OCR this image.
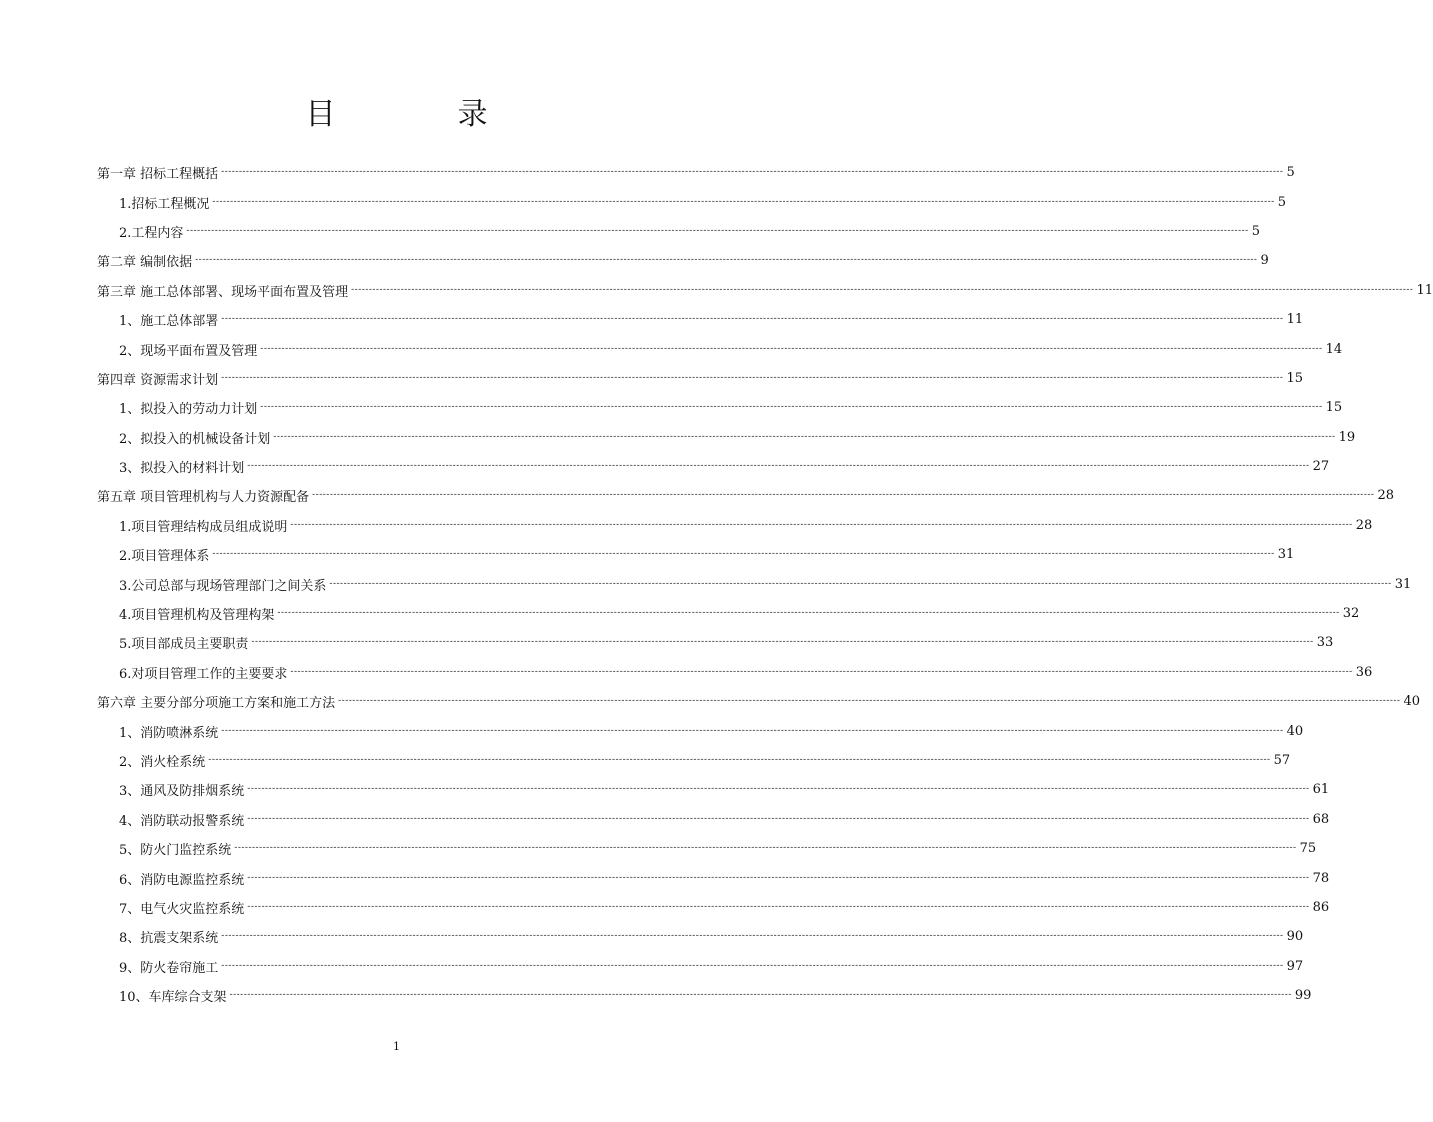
目　录
第一章 招标工程概括 ------------------------------------------------------------------------------------------------------------------------------------------------------------------------------------------------------------------------------------------------------------------------------------------------------------ 5
1.招标工程概况 ------------------------------------------------------------------------------------------------------------------------------------------------------------------------------------------------------------------------------------------------------------------------------------------------------------ 5
2.工程内容 ------------------------------------------------------------------------------------------------------------------------------------------------------------------------------------------------------------------------------------------------------------------------------------------------------------ 5
第二章 编制依据 ------------------------------------------------------------------------------------------------------------------------------------------------------------------------------------------------------------------------------------------------------------------------------------------------------------ 9
第三章 施工总体部署、现场平面布置及管理 ------------------------------------------------------------------------------------------------------------------------------------------------------------------------------------------------------------------------------------------------------------------------------------------------------------ 11
1、施工总体部署 ------------------------------------------------------------------------------------------------------------------------------------------------------------------------------------------------------------------------------------------------------------------------------------------------------------ 11
2、现场平面布置及管理 ------------------------------------------------------------------------------------------------------------------------------------------------------------------------------------------------------------------------------------------------------------------------------------------------------------ 14
第四章 资源需求计划 ------------------------------------------------------------------------------------------------------------------------------------------------------------------------------------------------------------------------------------------------------------------------------------------------------------ 15
1、拟投入的劳动力计划 ------------------------------------------------------------------------------------------------------------------------------------------------------------------------------------------------------------------------------------------------------------------------------------------------------------ 15
2、拟投入的机械设备计划 ------------------------------------------------------------------------------------------------------------------------------------------------------------------------------------------------------------------------------------------------------------------------------------------------------------ 19
3、拟投入的材料计划 ------------------------------------------------------------------------------------------------------------------------------------------------------------------------------------------------------------------------------------------------------------------------------------------------------------ 27
第五章 项目管理机构与人力资源配备 ------------------------------------------------------------------------------------------------------------------------------------------------------------------------------------------------------------------------------------------------------------------------------------------------------------ 28
1.项目管理结构成员组成说明 ------------------------------------------------------------------------------------------------------------------------------------------------------------------------------------------------------------------------------------------------------------------------------------------------------------ 28
2.项目管理体系 ------------------------------------------------------------------------------------------------------------------------------------------------------------------------------------------------------------------------------------------------------------------------------------------------------------ 31
3.公司总部与现场管理部门之间关系 ------------------------------------------------------------------------------------------------------------------------------------------------------------------------------------------------------------------------------------------------------------------------------------------------------------ 31
4.项目管理机构及管理构架 ------------------------------------------------------------------------------------------------------------------------------------------------------------------------------------------------------------------------------------------------------------------------------------------------------------ 32
5.项目部成员主要职责 ------------------------------------------------------------------------------------------------------------------------------------------------------------------------------------------------------------------------------------------------------------------------------------------------------------ 33
6.对项目管理工作的主要要求 ------------------------------------------------------------------------------------------------------------------------------------------------------------------------------------------------------------------------------------------------------------------------------------------------------------ 36
第六章 主要分部分项施工方案和施工方法 ------------------------------------------------------------------------------------------------------------------------------------------------------------------------------------------------------------------------------------------------------------------------------------------------------------ 40
1、消防喷淋系统 ------------------------------------------------------------------------------------------------------------------------------------------------------------------------------------------------------------------------------------------------------------------------------------------------------------ 40
2、消火栓系统 ------------------------------------------------------------------------------------------------------------------------------------------------------------------------------------------------------------------------------------------------------------------------------------------------------------ 57
3、通风及防排烟系统 ------------------------------------------------------------------------------------------------------------------------------------------------------------------------------------------------------------------------------------------------------------------------------------------------------------ 61
4、消防联动报警系统 ------------------------------------------------------------------------------------------------------------------------------------------------------------------------------------------------------------------------------------------------------------------------------------------------------------ 68
5、防火门监控系统 ------------------------------------------------------------------------------------------------------------------------------------------------------------------------------------------------------------------------------------------------------------------------------------------------------------ 75
6、消防电源监控系统 ------------------------------------------------------------------------------------------------------------------------------------------------------------------------------------------------------------------------------------------------------------------------------------------------------------ 78
7、电气火灾监控系统 ------------------------------------------------------------------------------------------------------------------------------------------------------------------------------------------------------------------------------------------------------------------------------------------------------------ 86
8、抗震支架系统 ------------------------------------------------------------------------------------------------------------------------------------------------------------------------------------------------------------------------------------------------------------------------------------------------------------ 90
9、防火卷帘施工 ------------------------------------------------------------------------------------------------------------------------------------------------------------------------------------------------------------------------------------------------------------------------------------------------------------ 97
10、车库综合支架 ------------------------------------------------------------------------------------------------------------------------------------------------------------------------------------------------------------------------------------------------------------------------------------------------------------ 99
1
